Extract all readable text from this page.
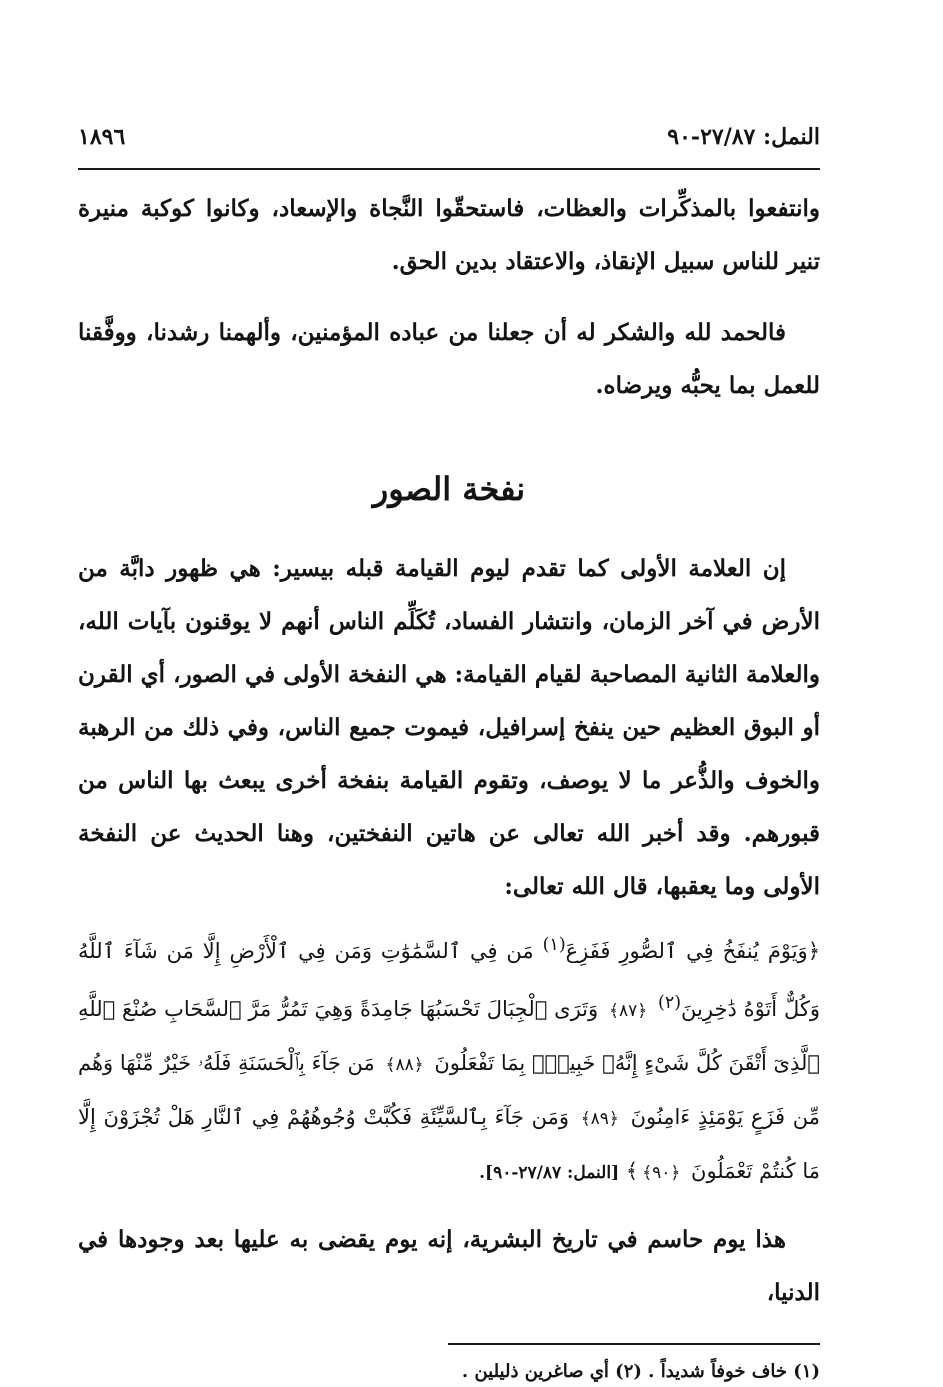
النمل: ٢٧/٨٧-٩٠
١٨٩٦

وانتفعوا بالمذكِّرات والعظات، فاستحقّوا النَّجاة والإسعاد، وكانوا كوكبة منيرة تنير للناس سبيل الإنقاذ، والاعتقاد بدين الحق.

فالحمد لله والشكر له أن جعلنا من عباده المؤمنين، وألهمنا رشدنا، ووفَّقنا للعمل بما يحبُّه ويرضاه.

نفخة الصور

إن العلامة الأولى كما تقدم ليوم القيامة قبله بيسير: هي ظهور دابَّة من الأرض في آخر الزمان، وانتشار الفساد، تُكَلِّم الناس أنهم لا يوقنون بآيات الله، والعلامة الثانية المصاحبة لقيام القيامة: هي النفخة الأولى في الصور، أي القرن أو البوق العظيم حين ينفخ إسرافيل، فيموت جميع الناس، وفي ذلك من الرهبة والخوف والذُّعر ما لا يوصف، وتقوم القيامة بنفخة أخرى يبعث بها الناس من قبورهم. وقد أخبر الله تعالى عن هاتين النفختين، وهنا الحديث عن النفخة الأولى وما يعقبها، قال الله تعالى:

﴿وَيَوْمَ يُنفَخُ فِي ٱلصُّورِ فَفَزِعَ$^{(١)}$ مَن فِي ٱلسَّمَٰوَٰتِ وَمَن فِي ٱلْأَرْضِ إِلَّا مَن شَآءَ ٱللَّهُ وَكُلٌّ أَتَوْهُ دَٰخِرِينَ$^{(٢)}$ ﴿٨٧﴾ وَتَرَى ٱلْجِبَالَ تَحْسَبُهَا جَامِدَةً وَهِيَ تَمُرُّ مَرَّ ٱلسَّحَابِ صُنْعَ ٱللَّهِ ٱلَّذِىٓ أَتْقَنَ كُلَّ شَىْءٍ إِنَّهُۥ خَبِيرٌۢ بِمَا تَفْعَلُونَ ﴿٨٨﴾ مَن جَآءَ بِٱلْحَسَنَةِ فَلَهُۥ خَيْرٌ مِّنْهَا وَهُم مِّن فَزَعٍ يَوْمَئِذٍ ءَامِنُونَ ﴿٨٩﴾ وَمَن جَآءَ بِٱلسَّيِّئَةِ فَكُبَّتْ وُجُوهُهُمْ فِي ٱلنَّارِ هَلْ تُجْزَوْنَ إِلَّا مَا كُنتُمْ تَعْمَلُونَ ﴿٩٠﴾﴾ [النمل: ٢٧/٨٧-٩٠].

هذا يوم حاسم في تاريخ البشرية، إنه يوم يقضى به عليها بعد وجودها في الدنيا،

(١) خاف خوفاً شديداً . (٢) أي صاغرين ذليلين .
